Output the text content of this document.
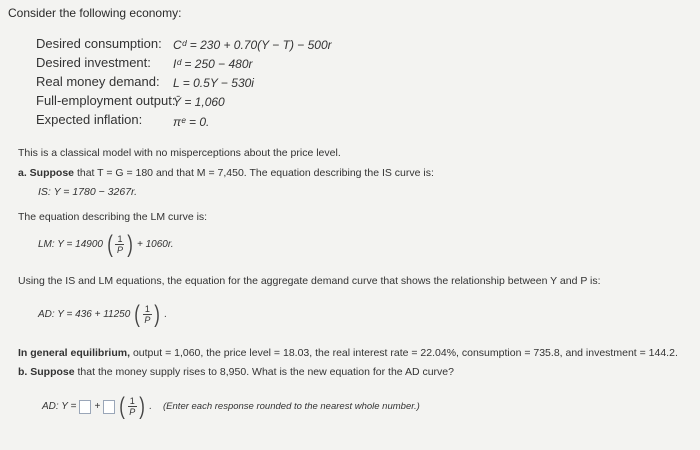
Consider the following economy:
Desired consumption: Cᵈ = 230 + 0.70(Y − T) − 500r
Desired investment: Iᵈ = 250 − 480r
Real money demand: L = 0.5Y − 530i
Full-employment output:
Ȳ = 1,060
Expected inflation:	πᵉ = 0.
This is a classical model with no misperceptions about the price level.
a. Suppose that T = G = 180 and that M = 7,450. The equation describing the IS curve is:
IS: Y = 1780 − 3267r.
The equation describing the LM curve is:
LM: Y = 14900 ( $\frac{1}{P}$ ) + 1060r.
Using the IS and LM equations, the equation for the aggregate demand curve that shows the relationship between Y and P is:
AD: Y = 436 + 11250 ( $\frac{1}{P}$ ) .
In general equilibrium, output = 1,060, the price level = 18.03, the real interest rate = 22.04%, consumption = 735.8, and investment = 144.2.
b. Suppose that the money supply rises to 8,950. What is the new equation for the AD curve?
AD: Y = + ( $\frac{1}{P}$ ) . (Enter each response rounded to the nearest whole number.)
